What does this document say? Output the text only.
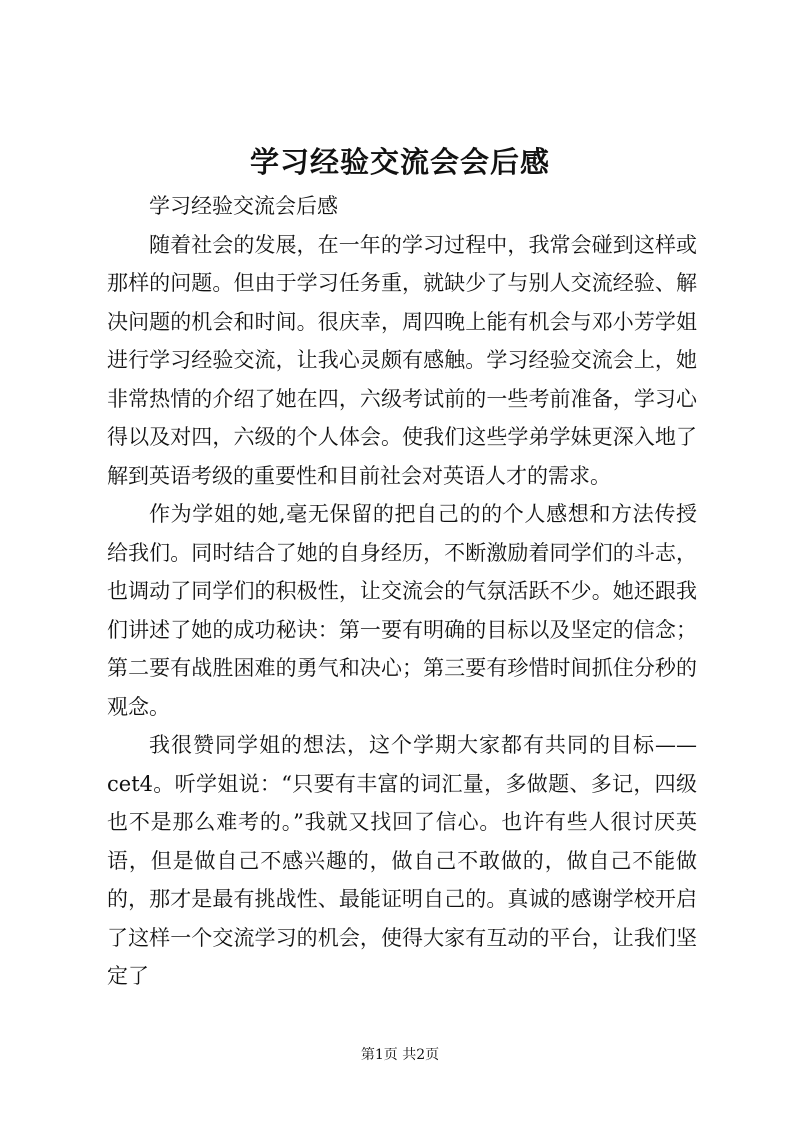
学习经验交流会会后感

学习经验交流会后感

随着社会的发展，在一年的学习过程中，我常会碰到这样或那样的问题。但由于学习任务重，就缺少了与别人交流经验、解决问题的机会和时间。很庆幸，周四晚上能有机会与邓小芳学姐进行学习经验交流，让我心灵颇有感触。学习经验交流会上，她非常热情的介绍了她在四，六级考试前的一些考前准备，学习心得以及对四，六级的个人体会。使我们这些学弟学妹更深入地了解到英语考级的重要性和目前社会对英语人才的需求。

作为学姐的她,毫无保留的把自己的的个人感想和方法传授给我们。同时结合了她的自身经历，不断激励着同学们的斗志，也调动了同学们的积极性，让交流会的气氛活跃不少。她还跟我们讲述了她的成功秘诀：第一要有明确的目标以及坚定的信念；第二要有战胜困难的勇气和决心；第三要有珍惜时间抓住分秒的观念。

我很赞同学姐的想法，这个学期大家都有共同的目标——cet4。听学姐说：“只要有丰富的词汇量，多做题、多记，四级也不是那么难考的。”我就又找回了信心。也许有些人很讨厌英语，但是做自己不感兴趣的，做自己不敢做的，做自己不能做的，那才是最有挑战性、最能证明自己的。真诚的感谢学校开启了这样一个交流学习的机会，使得大家有互动的平台，让我们坚定了

第1页 共2页
